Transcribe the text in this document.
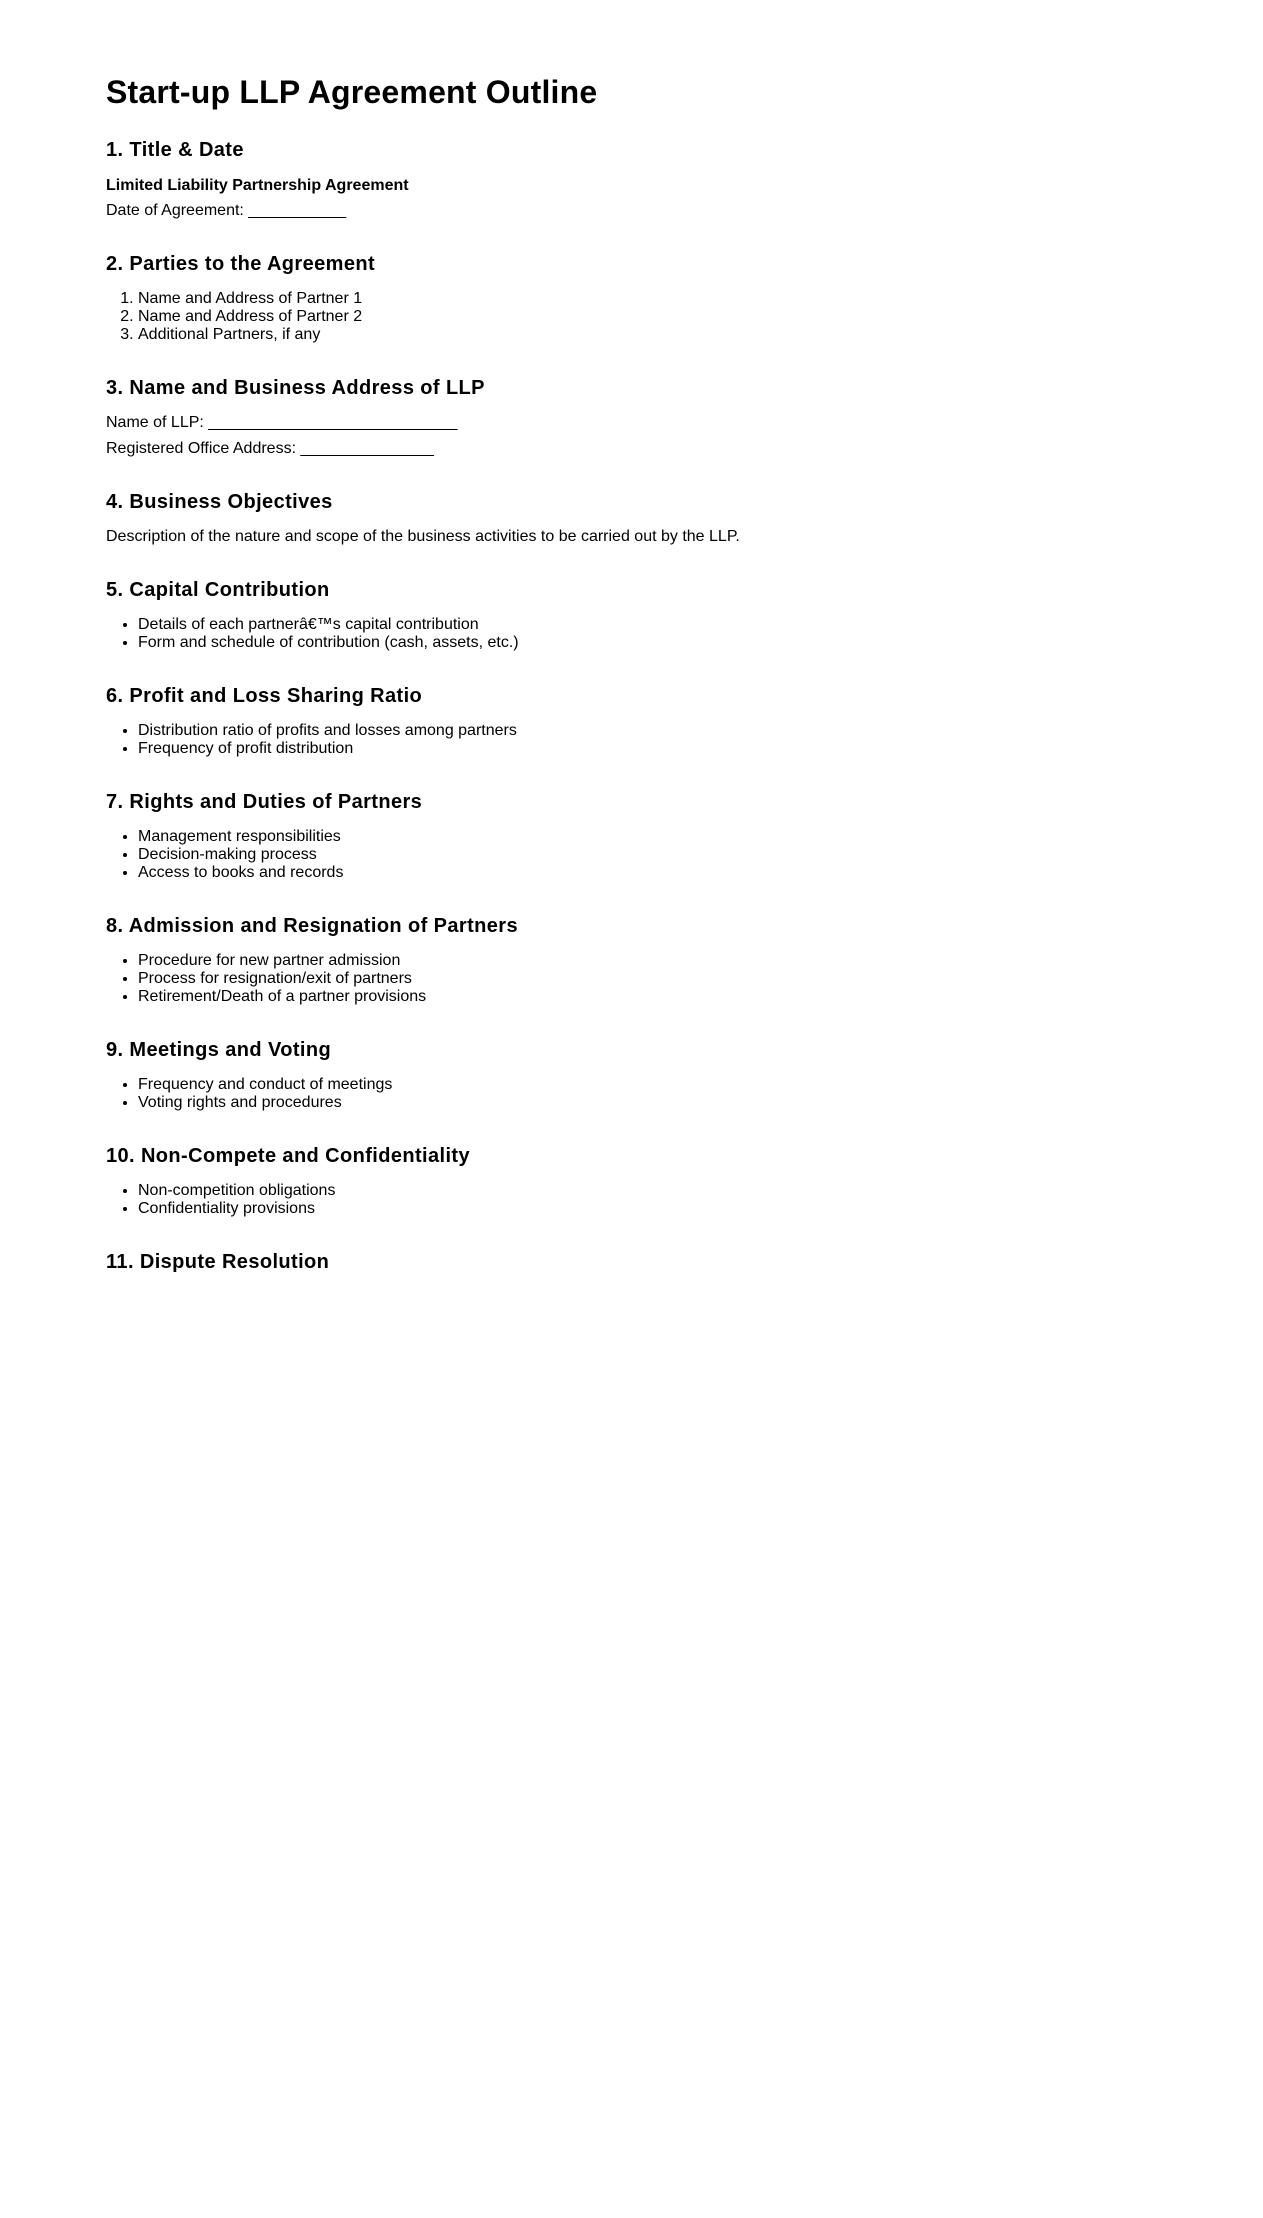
Start-up LLP Agreement Outline
1. Title & Date

Limited Liability Partnership Agreement

Date of Agreement: ___________

2. Parties to the Agreement
1. Name and Address of Partner 1
2. Name and Address of Partner 2
3. Additional Partners, if any
3. Name and Business Address of LLP

Name of LLP: ____________________________

Registered Office Address: _______________

4. Business Objectives

Description of the nature and scope of the business activities to be carried out by the LLP.

5. Capital Contribution
• Details of each partnerâ€™s capital contribution
• Form and schedule of contribution (cash, assets, etc.)
6. Profit and Loss Sharing Ratio
• Distribution ratio of profits and losses among partners
• Frequency of profit distribution
7. Rights and Duties of Partners
• Management responsibilities
• Decision-making process
• Access to books and records
8. Admission and Resignation of Partners
• Procedure for new partner admission
• Process for resignation/exit of partners
• Retirement/Death of a partner provisions
9. Meetings and Voting
• Frequency and conduct of meetings
• Voting rights and procedures
10. Non-Compete and Confidentiality
• Non-competition obligations
• Confidentiality provisions
11. Dispute Resolution
